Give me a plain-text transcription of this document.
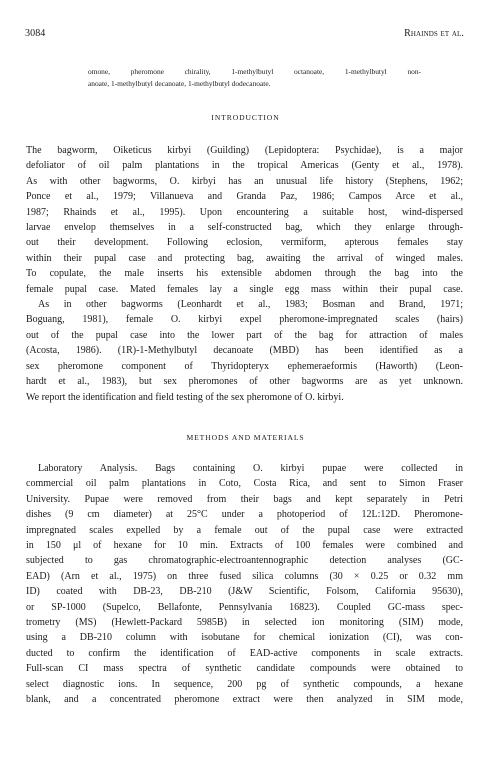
3084	Rhainds et al.
omone, pheromone chirality, 1-methylbutyl octanoate, 1-methylbutyl non-
anoate, 1-methylbutyl decanoate, 1-methylbutyl dodecanoate.
INTRODUCTION
The bagworm, Oiketicus kirbyi (Guilding) (Lepidoptera: Psychidae), is a major
defoliator of oil palm plantations in the tropical Americas (Genty et al., 1978).
As with other bagworms, O. kirbyi has an unusual life history (Stephens, 1962;
Ponce et al., 1979; Villanueva and Granda Paz, 1986; Campos Arce et al.,
1987; Rhainds et al., 1995). Upon encountering a suitable host, wind-dispersed
larvae envelop themselves in a self-constructed bag, which they enlarge through-
out their development. Following eclosion, vermiform, apterous females stay
within their pupal case and protecting bag, awaiting the arrival of winged males.
To copulate, the male inserts his extensible abdomen through the bag into the
female pupal case. Mated females lay a single egg mass within their pupal case.
As in other bagworms (Leonhardt et al., 1983; Bosman and Brand, 1971;
Boguang, 1981), female O. kirbyi expel pheromone-impregnated scales (hairs)
out of the pupal case into the lower part of the bag for attraction of males
(Acosta, 1986). (1R)-1-Methylbutyl decanoate (MBD) has been identified as a
sex pheromone component of Thyridopteryx ephemeraeformis (Haworth) (Leon-
hardt et al., 1983), but sex pheromones of other bagworms are as yet unknown.
We report the identification and field testing of the sex pheromone of O. kirbyi.
METHODS AND MATERIALS
Laboratory Analysis. Bags containing O. kirbyi pupae were collected in
commercial oil palm plantations in Coto, Costa Rica, and sent to Simon Fraser
University. Pupae were removed from their bags and kept separately in Petri
dishes (9 cm diameter) at 25°C under a photoperiod of 12L:12D. Pheromone-
impregnated scales expelled by a female out of the pupal case were extracted
in 150 μl of hexane for 10 min. Extracts of 100 females were combined and
subjected to gas chromatographic-electroantennographic detection analyses (GC-
EAD) (Arn et al., 1975) on three fused silica columns (30 × 0.25 or 0.32 mm
ID) coated with DB-23, DB-210 (J&W Scientific, Folsom, California 95630),
or SP-1000 (Supelco, Bellafonte, Pennsylvania 16823). Coupled GC-mass spec-
trometry (MS) (Hewlett-Packard 5985B) in selected ion monitoring (SIM) mode,
using a DB-210 column with isobutane for chemical ionization (CI), was con-
ducted to confirm the identification of EAD-active components in scale extracts.
Full-scan CI mass spectra of synthetic candidate compounds were obtained to
select diagnostic ions. In sequence, 200 pg of synthetic compounds, a hexane
blank, and a concentrated pheromone extract were then analyzed in SIM mode,
